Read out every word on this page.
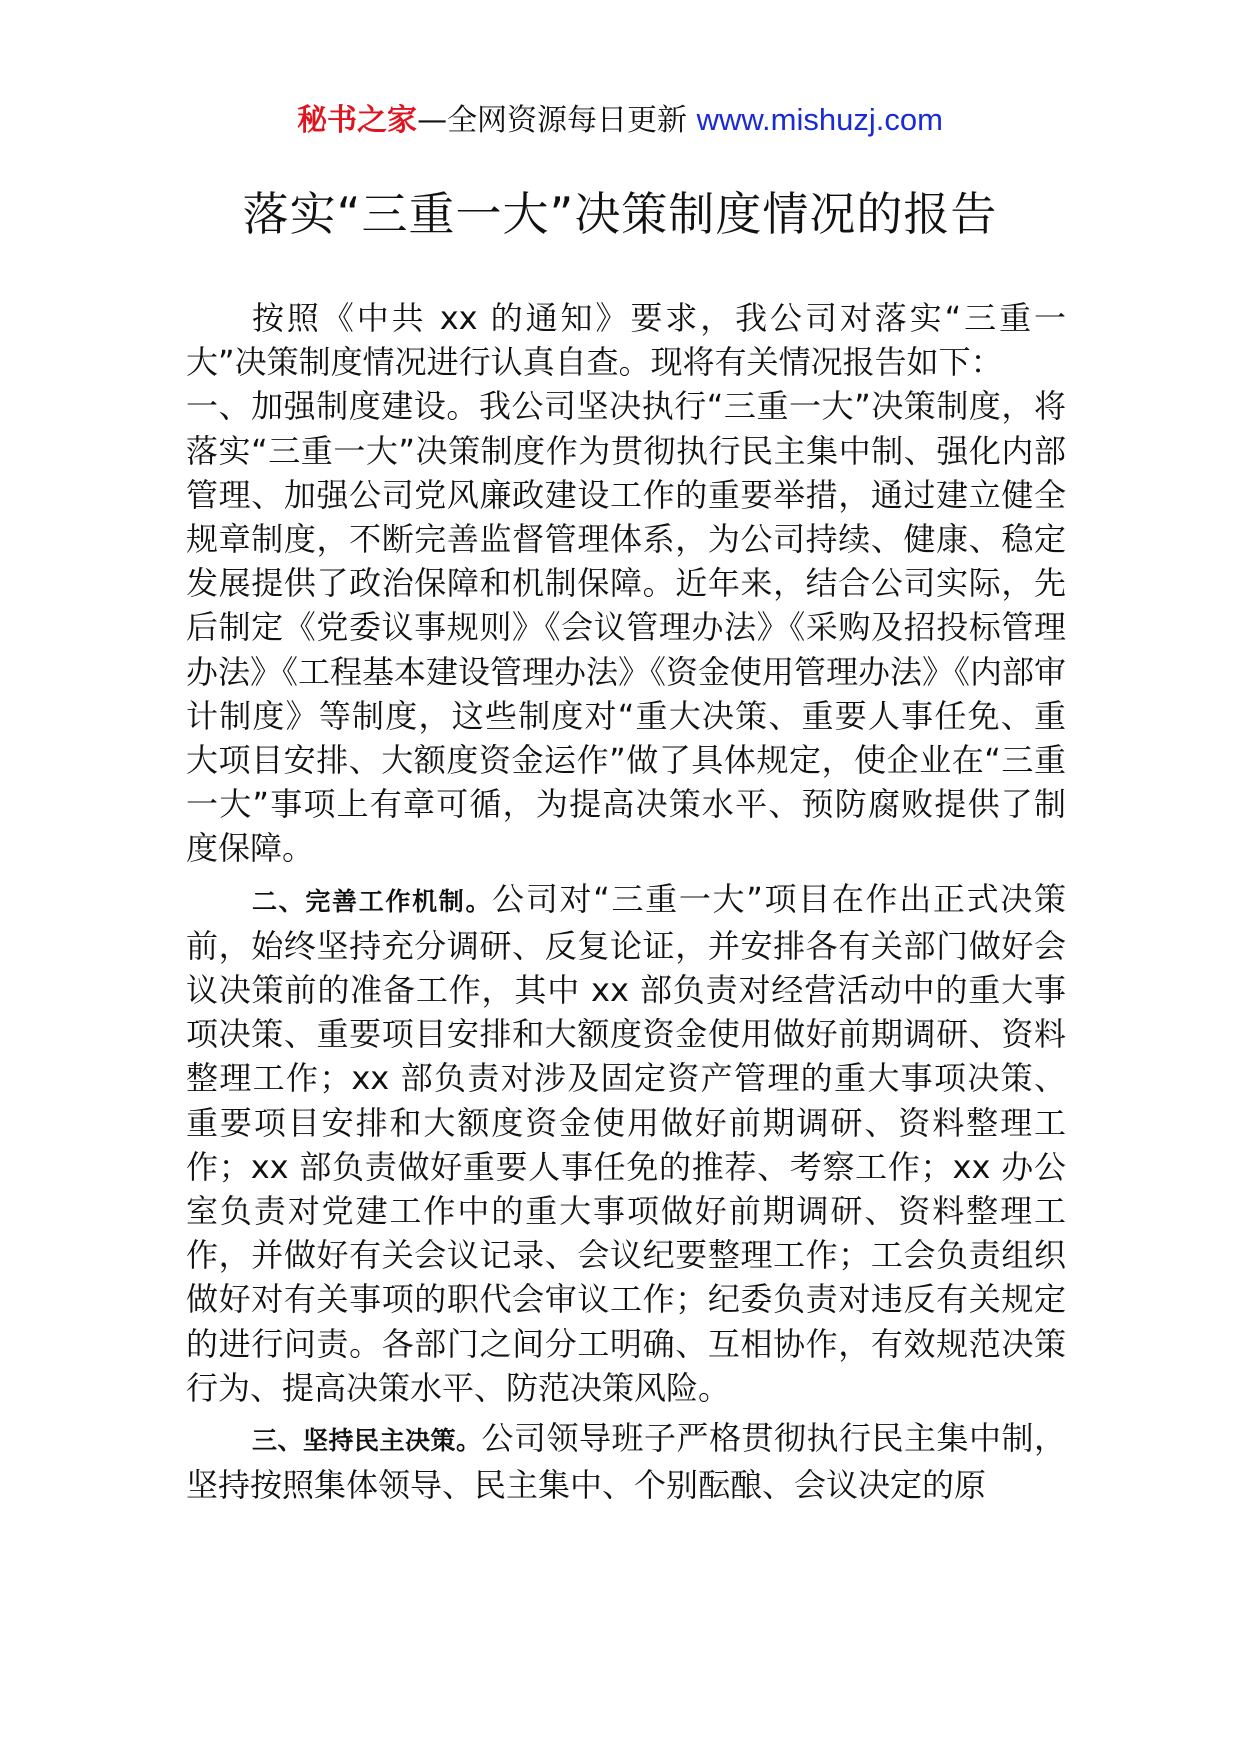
秘书之家—全网资源每日更新 www.mishuzj.com
落实“三重一大”决策制度情况的报告

按照《中共 xx 的通知》要求，我公司对落实“三重一大”决策制度情况进行认真自查。现将有关情况报告如下：

一、加强制度建设。我公司坚决执行“三重一大”决策制度，将落实“三重一大”决策制度作为贯彻执行民主集中制、强化内部管理、加强公司党风廉政建设工作的重要举措，通过建立健全规章制度，不断完善监督管理体系，为公司持续、健康、稳定发展提供了政治保障和机制保障。近年来，结合公司实际，先后制定《党委议事规则》《会议管理办法》《采购及招投标管理办法》《工程基本建设管理办法》《资金使用管理办法》《内部审计制度》等制度，这些制度对“重大决策、重要人事任免、重大项目安排、大额度资金运作”做了具体规定，使企业在“三重一大”事项上有章可循，为提高决策水平、预防腐败提供了制度保障。

二、完善工作机制。公司对“三重一大”项目在作出正式决策前，始终坚持充分调研、反复论证，并安排各有关部门做好会议决策前的准备工作，其中 xx 部负责对经营活动中的重大事项决策、重要项目安排和大额度资金使用做好前期调研、资料整理工作；xx 部负责对涉及固定资产管理的重大事项决策、重要项目安排和大额度资金使用做好前期调研、资料整理工作；xx 部负责做好重要人事任免的推荐、考察工作；xx 办公室负责对党建工作中的重大事项做好前期调研、资料整理工作，并做好有关会议记录、会议纪要整理工作；工会负责组织做好对有关事项的职代会审议工作；纪委负责对违反有关规定的进行问责。各部门之间分工明确、互相协作，有效规范决策行为、提高决策水平、防范决策风险。

三、坚持民主决策。公司领导班子严格贯彻执行民主集中制，坚持按照集体领导、民主集中、个别酝酿、会议决定的原
